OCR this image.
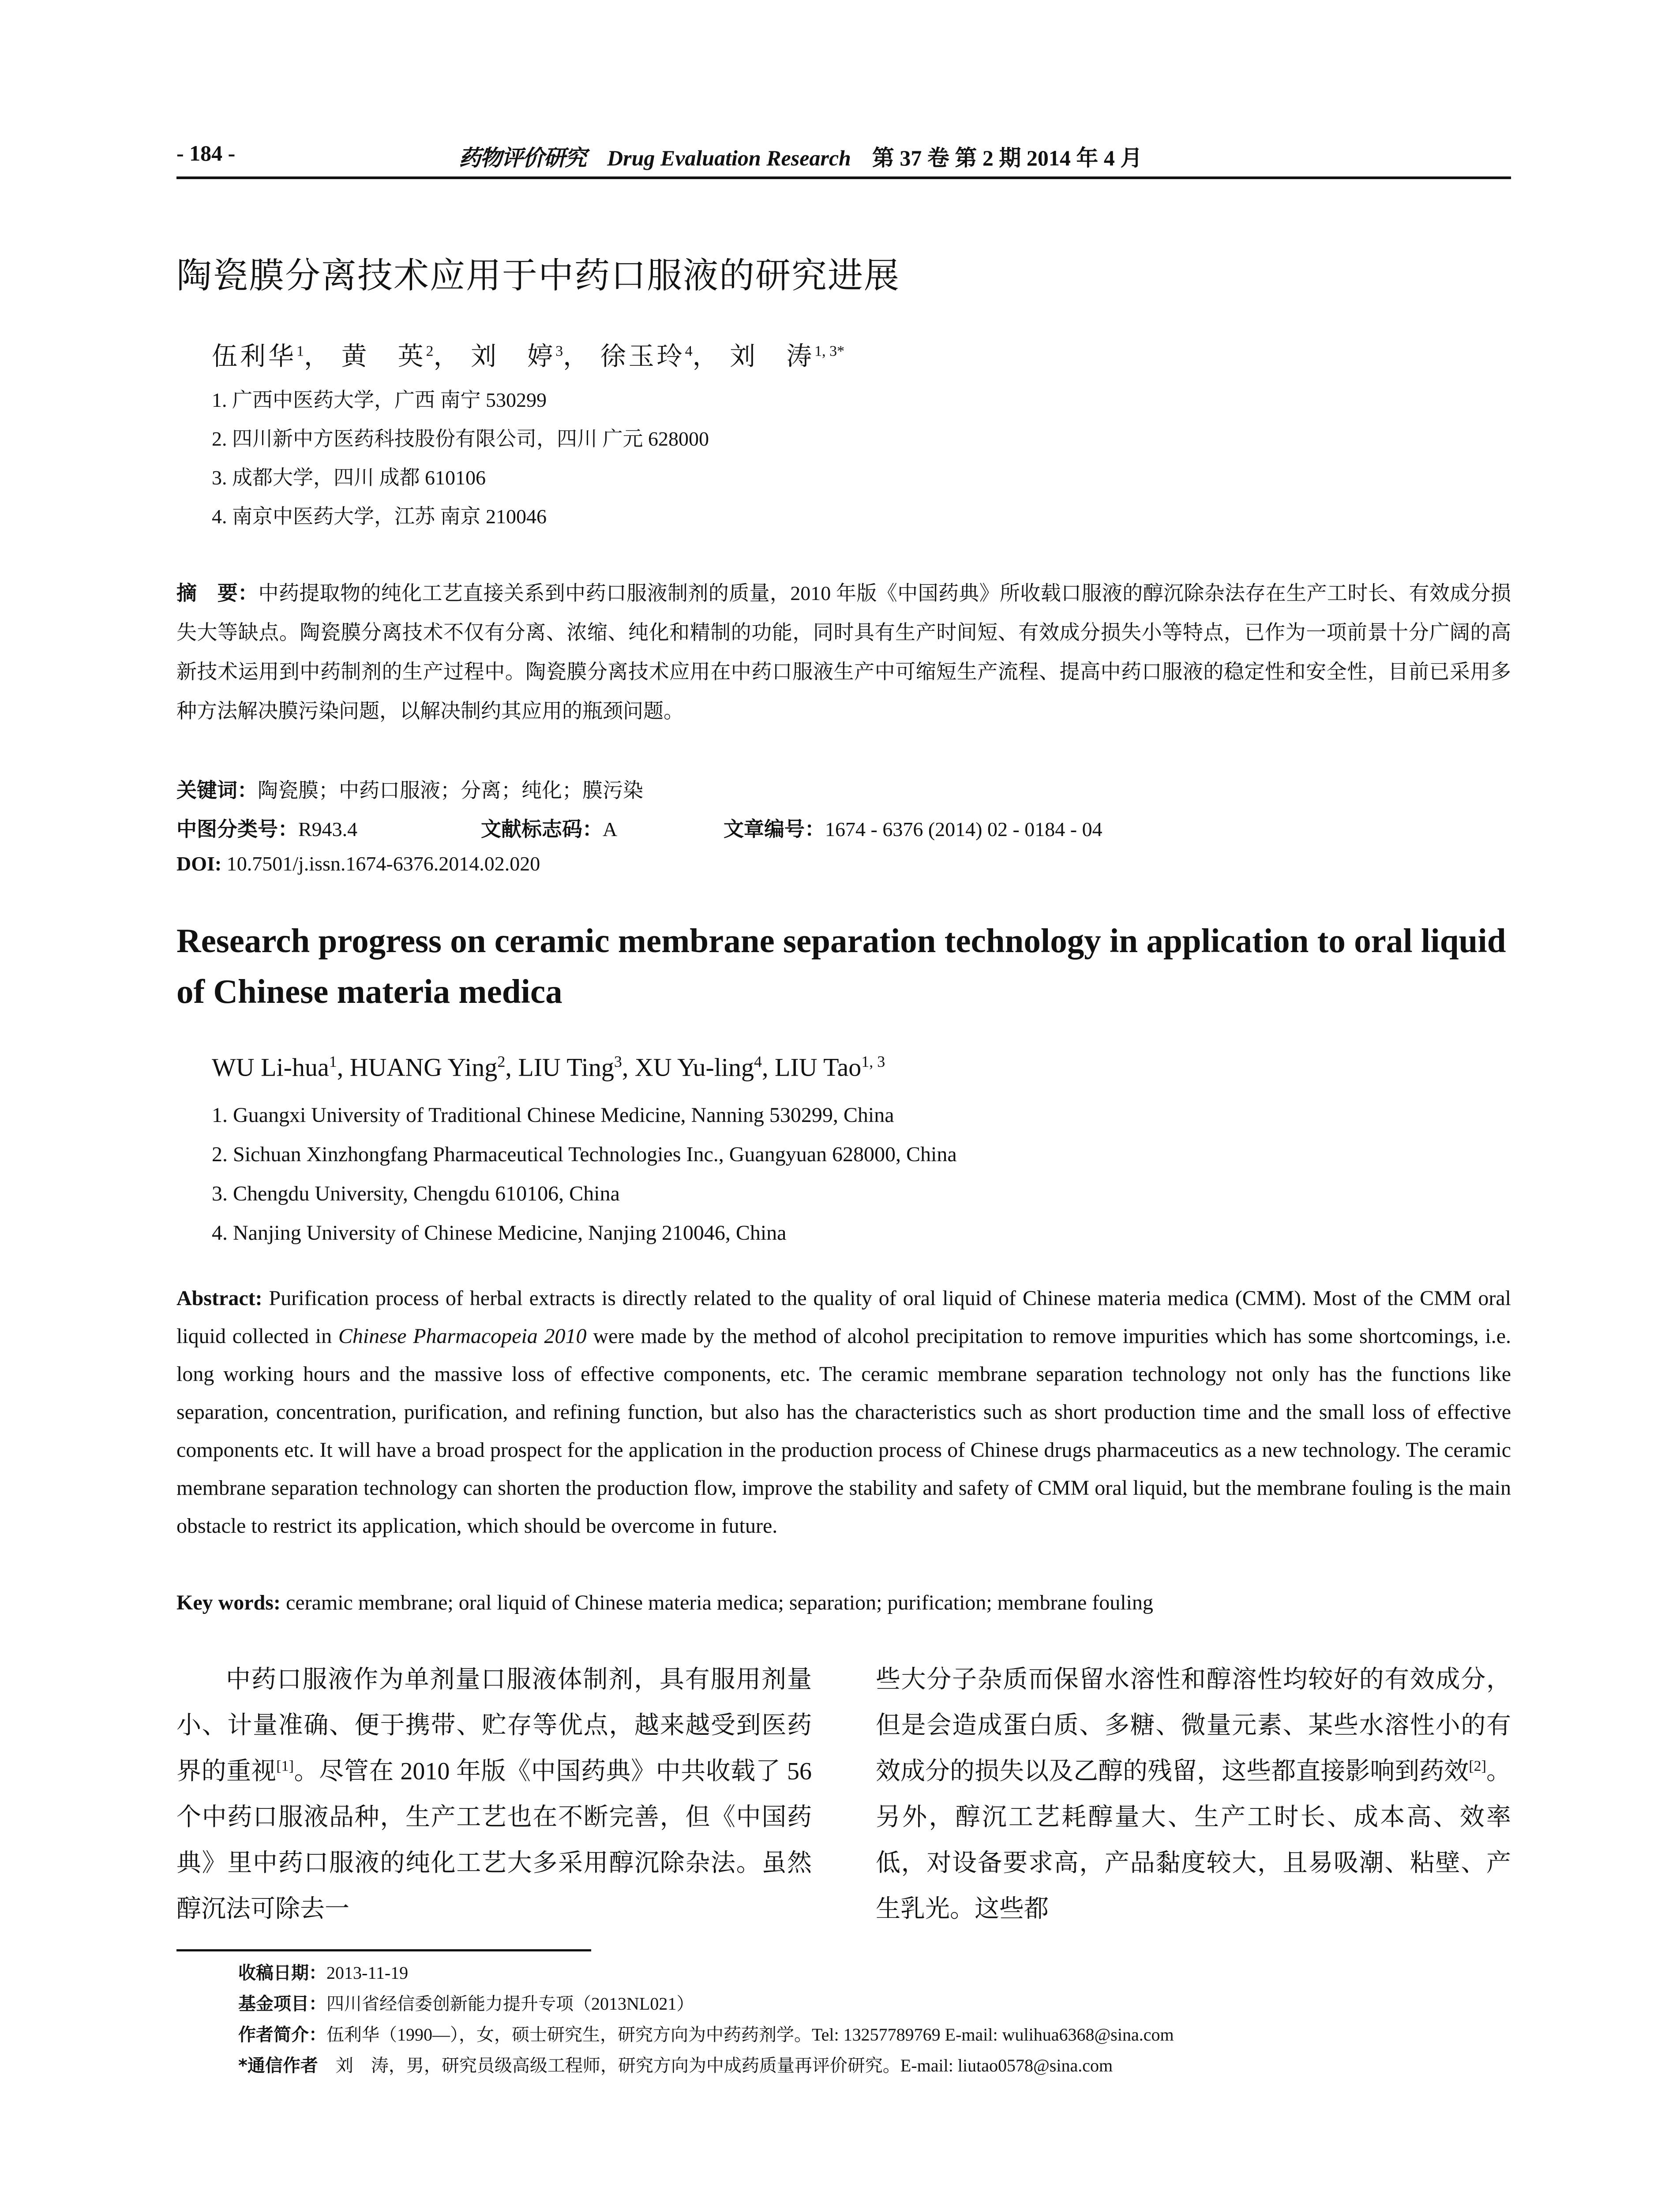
- 184 -	药物评价研究 Drug Evaluation Research 第 37 卷 第 2 期 2014 年 4 月
陶瓷膜分离技术应用于中药口服液的研究进展
伍利华$^1$， 黄　英$^2$， 刘　婷$^3$， 徐玉玲$^4$， 刘　涛$^{1, 3*}$
1. 广西中医药大学，广西 南宁 530299
2. 四川新中方医药科技股份有限公司，四川 广元 628000
3. 成都大学，四川 成都 610106
4. 南京中医药大学，江苏 南京 210046
摘　要：中药提取物的纯化工艺直接关系到中药口服液制剂的质量，2010 年版《中国药典》所收载口服液的醇沉除杂法存在生产工时长、有效成分损失大等缺点。陶瓷膜分离技术不仅有分离、浓缩、纯化和精制的功能，同时具有生产时间短、有效成分损失小等特点，已作为一项前景十分广阔的高新技术运用到中药制剂的生产过程中。陶瓷膜分离技术应用在中药口服液生产中可缩短生产流程、提高中药口服液的稳定性和安全性，目前已采用多种方法解决膜污染问题，以解决制约其应用的瓶颈问题。
关键词：陶瓷膜；中药口服液；分离；纯化；膜污染
中图分类号：R943.4	文献标志码：A	文章编号：1674 - 6376 (2014) 02 - 0184 - 04
DOI: 10.7501/j.issn.1674-6376.2014.02.020
Research progress on ceramic membrane separation technology in application to oral liquid of Chinese materia medica
WU Li-hua$^1$, HUANG Ying$^2$, LIU Ting$^3$, XU Yu-ling$^4$, LIU Tao$^{1, 3}$
1. Guangxi University of Traditional Chinese Medicine, Nanning 530299, China
2. Sichuan Xinzhongfang Pharmaceutical Technologies Inc., Guangyuan 628000, China
3. Chengdu University, Chengdu 610106, China
4. Nanjing University of Chinese Medicine, Nanjing 210046, China
Abstract: Purification process of herbal extracts is directly related to the quality of oral liquid of Chinese materia medica (CMM). Most of the CMM oral liquid collected in Chinese Pharmacopeia 2010 were made by the method of alcohol precipitation to remove impurities which has some shortcomings, i.e. long working hours and the massive loss of effective components, etc. The ceramic membrane separation technology not only has the functions like separation, concentration, purification, and refining function, but also has the characteristics such as short production time and the small loss of effective components etc. It will have a broad prospect for the application in the production process of Chinese drugs pharmaceutics as a new technology. The ceramic membrane separation technology can shorten the production flow, improve the stability and safety of CMM oral liquid, but the membrane fouling is the main obstacle to restrict its application, which should be overcome in future.
Key words: ceramic membrane; oral liquid of Chinese materia medica; separation; purification; membrane fouling
中药口服液作为单剂量口服液体制剂，具有服用剂量小、计量准确、便于携带、贮存等优点，越来越受到医药界的重视[1]。尽管在 2010 年版《中国药典》中共收载了 56 个中药口服液品种，生产工艺也在不断完善，但《中国药典》里中药口服液的纯化工艺大多采用醇沉除杂法。虽然醇沉法可除去一
些大分子杂质而保留水溶性和醇溶性均较好的有效成分，但是会造成蛋白质、多糖、微量元素、某些水溶性小的有效成分的损失以及乙醇的残留，这些都直接影响到药效[2]。另外，醇沉工艺耗醇量大、生产工时长、成本高、效率低，对设备要求高，产品黏度较大，且易吸潮、粘壁、产生乳光。这些都
收稿日期：2013-11-19
基金项目：四川省经信委创新能力提升专项（2013NL021）
作者简介：伍利华（1990—），女，硕士研究生，研究方向为中药药剂学。Tel: 13257789769 E-mail: wulihua6368@sina.com
*通信作者　 刘　涛，男，研究员级高级工程师，研究方向为中成药质量再评价研究。E-mail: liutao0578@sina.com
